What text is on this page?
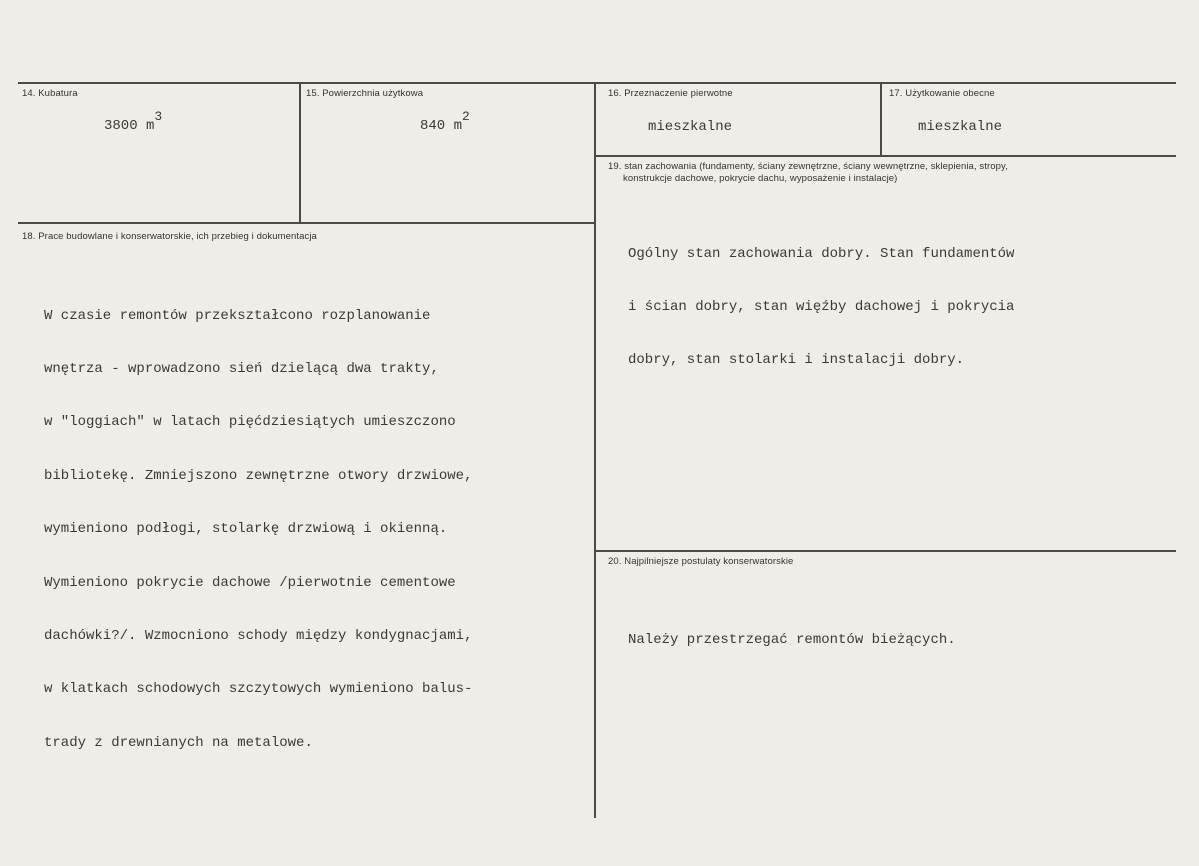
14. Kubatura
3800 m3
15. Powierzchnia użytkowa
840 m2
16. Przeznaczenie pierwotne
mieszkalne
17. Użytkowanie obecne
mieszkalne
18. Prace budowlane i konserwatorskie, ich przebieg i dokumentacja

W czasie remontów przekształcono rozplanowanie

wnętrza - wprowadzono sień dzielącą dwa trakty,

w "loggiach" w latach pięćdziesiątych umieszczono

bibliotekę. Zmniejszono zewnętrzne otwory drzwiowe,

wymieniono podłogi, stolarkę drzwiową i okienną.

Wymieniono pokrycie dachowe /pierwotnie cementowe

dachówki?/. Wzmocniono schody między kondygnacjami,

w klatkach schodowych szczytowych wymieniono balus-

trady z drewnianych na metalowe.

19. stan zachowania (fundamenty, ściany zewnętrzne, ściany wewnętrzne, sklepienia, stropy,
konstrukcje dachowe, pokrycie dachu, wyposażenie i instalacje)

Ogólny stan zachowania dobry. Stan fundamentów

i ścian dobry, stan więźby dachowej i pokrycia

dobry, stan stolarki i instalacji dobry.

20. Najpilniejsze postulaty konserwatorskie

Należy przestrzegać remontów bieżących.
